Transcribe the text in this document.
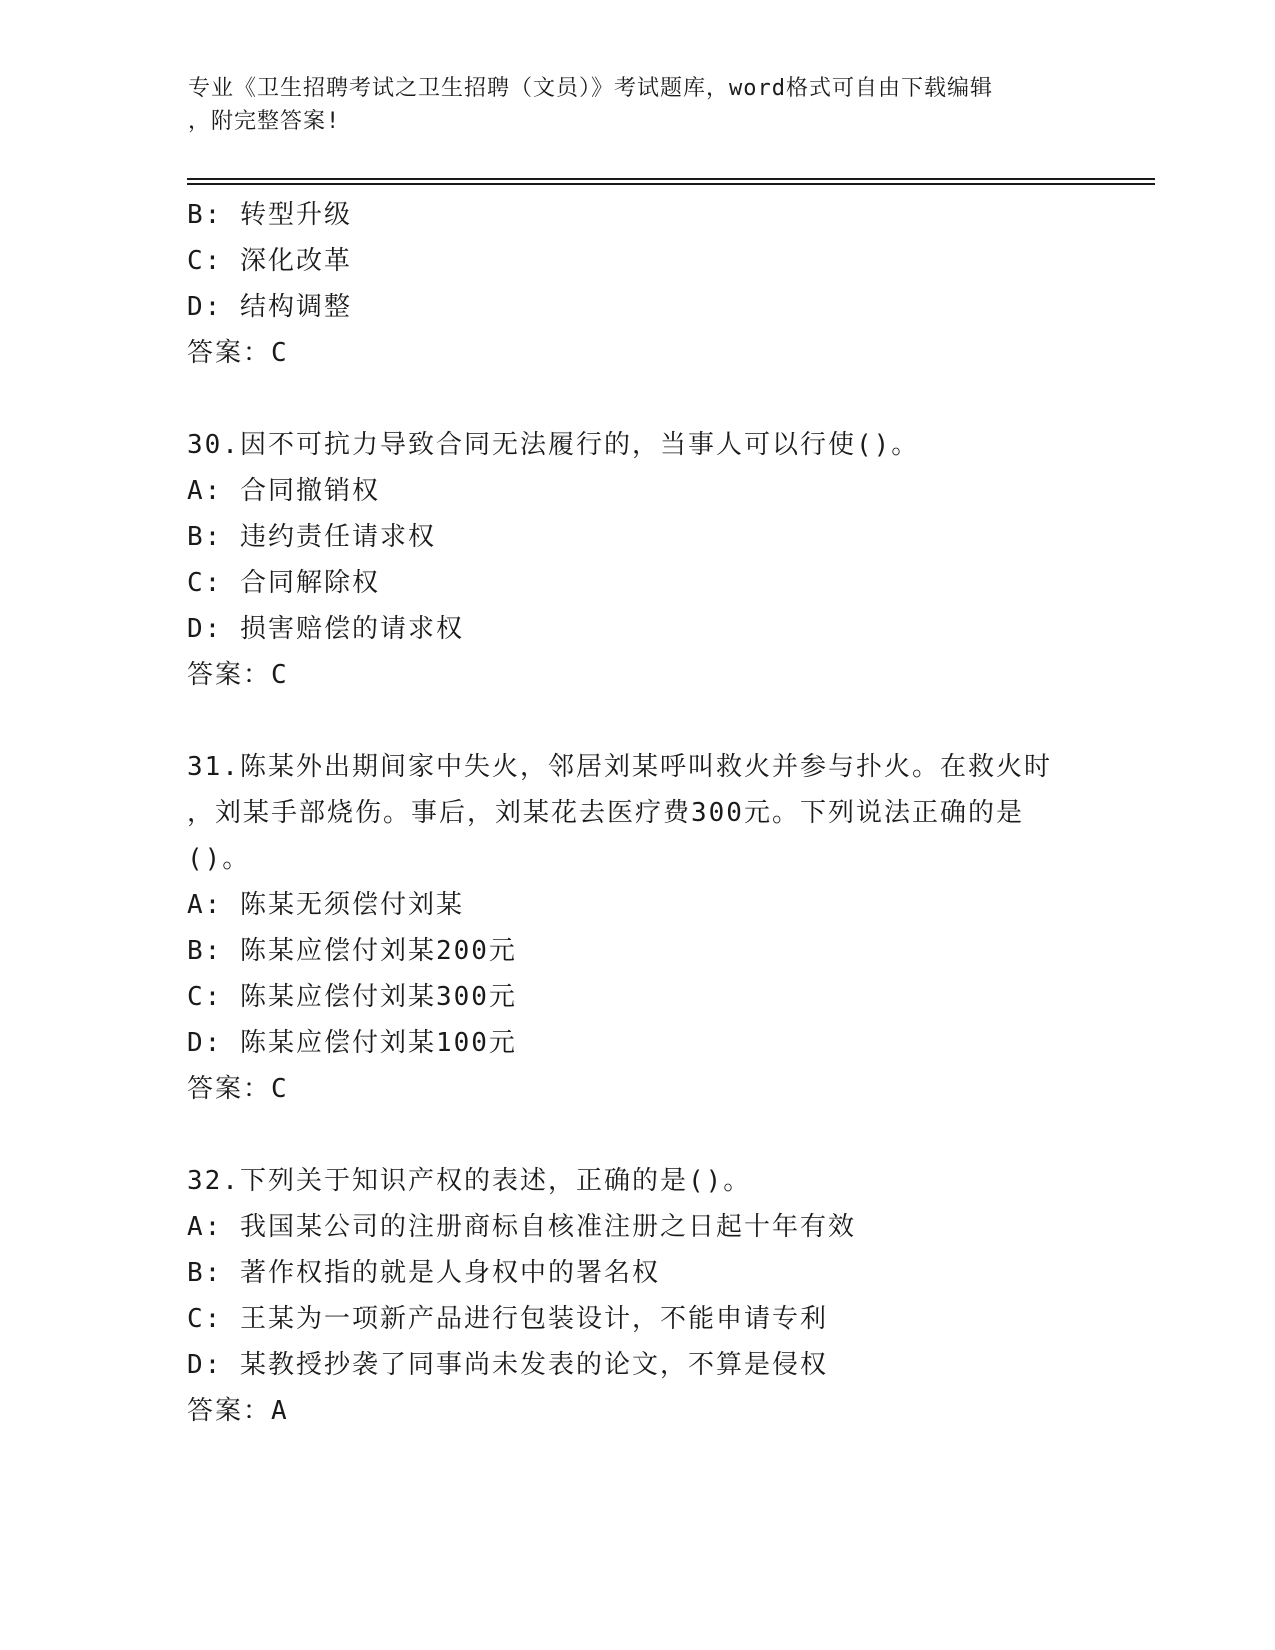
专业《卫生招聘考试之卫生招聘（文员）》考试题库，word格式可自由下载编辑
，附完整答案!
B: 转型升级
C: 深化改革
D: 结构调整
答案：C
30.因不可抗力导致合同无法履行的，当事人可以行使()。
A: 合同撤销权
B: 违约责任请求权
C: 合同解除权
D: 损害赔偿的请求权
答案：C
31.陈某外出期间家中失火，邻居刘某呼叫救火并参与扑火。在救火时
，刘某手部烧伤。事后，刘某花去医疗费300元。下列说法正确的是
()。
A: 陈某无须偿付刘某
B: 陈某应偿付刘某200元
C: 陈某应偿付刘某300元
D: 陈某应偿付刘某100元
答案：C
32.下列关于知识产权的表述，正确的是()。
A: 我国某公司的注册商标自核准注册之日起十年有效
B: 著作权指的就是人身权中的署名权
C: 王某为一项新产品进行包装设计，不能申请专利
D: 某教授抄袭了同事尚未发表的论文，不算是侵权
答案：A
